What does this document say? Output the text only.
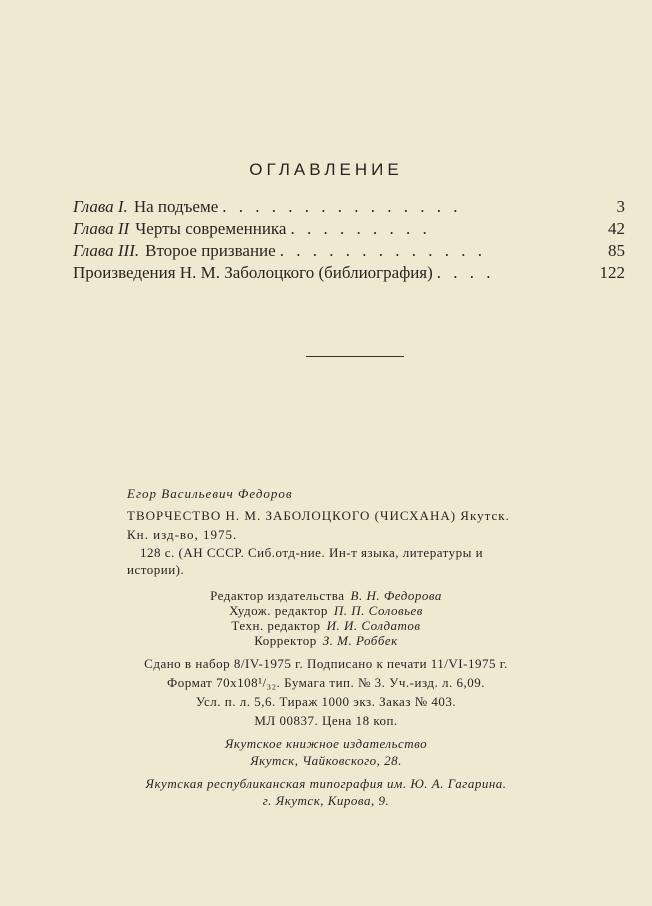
ОГЛАВЛЕНИЕ
Глава I. На подъеме . . . . . . . . . . . . . . .	3
Глава II Черты современника . . . . . . . . .	42
Глава III. Второе призвание . . . . . . . . . . . . .	85
Произведения Н. М. Заболоцкого (библиография) . . . .	122
Егор Васильевич Федоров
ТВОРЧЕСТВО Н. М. ЗАБОЛОЦКОГО (ЧИСХАНА) Якутск.
Кн. изд-во, 1975.
128 с. (АН СССР. Сиб.отд-ние. Ин-т языка, литературы и
истории).
Редактор издательства В. Н. Федорова
Худож. редактор П. П. Соловьев
Техн. редактор И. И. Солдатов
Корректор З. М. Роббек
Сдано в набор 8/IV-1975 г. Подписано к печати 11/VI-1975 г.
Формат 70х108¹/₃₂. Бумага тип. № 3. Уч.-изд. л. 6,09.
Усл. п. л. 5,6. Тираж 1000 экз. Заказ № 403.
МЛ 00837. Цена 18 коп.
Якутское книжное издательство
Якутск, Чайковского, 28.
Якутская республиканская типография им. Ю. А. Гагарина.
г. Якутск, Кирова, 9.
